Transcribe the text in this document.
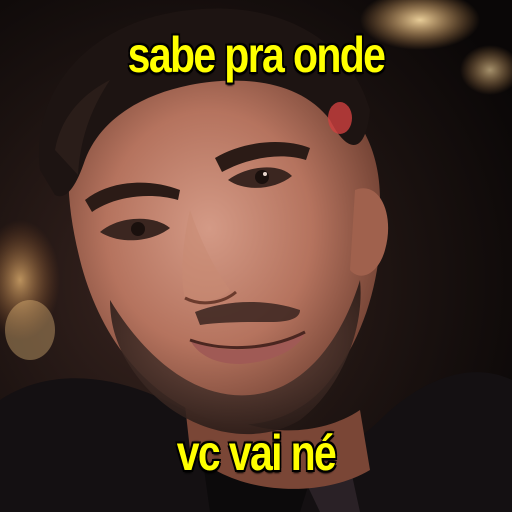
sabe pra onde
vc vai né
